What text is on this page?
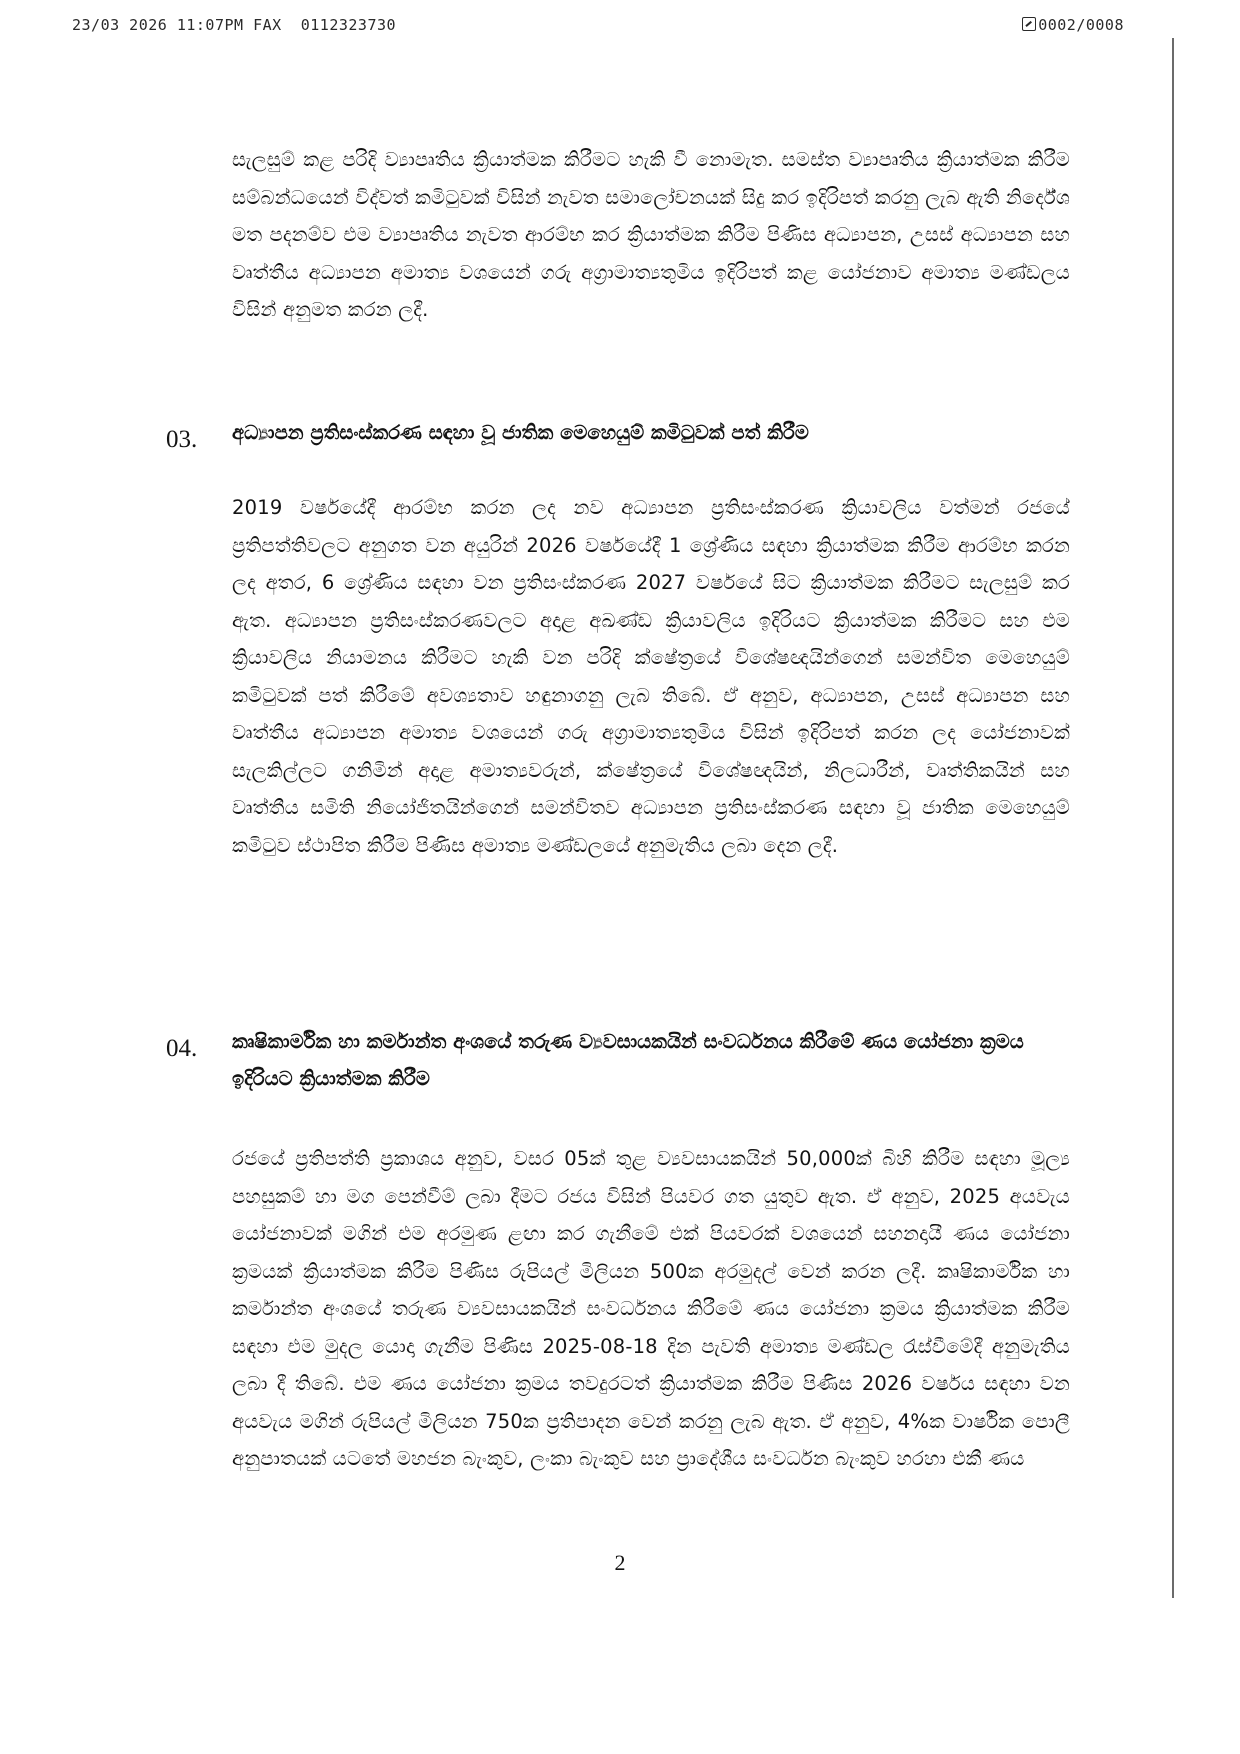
23/03 2026 11:07PM FAX  0112323730	0002/0008

සැලසුම් කළ පරිදි ව්‍යාපෘතිය ක්‍රියාත්මක කිරීමට හැකි වී නොමැත. සමස්ත ව්‍යාපෘතිය ක්‍රියාත්මක කිරීම සම්බන්ධයෙන් විද්වත් කමිටුවක් විසින් නැවත සමාලෝචනයක් සිදු කර ඉදිරිපත් කරනු ලැබ ඇති නිර්දේශ මත පදනම්ව එම ව්‍යාපෘතිය නැවත ආරම්භ කර ක්‍රියාත්මක කිරීම පිණිස අධ්‍යාපන, උසස් අධ්‍යාපන සහ වෘත්තීය අධ්‍යාපන අමාත්‍ය වශයෙන් ගරු අග්‍රාමාත්‍යතුමිය ඉදිරිපත් කළ යෝජනාව අමාත්‍ය මණ්ඩලය විසින් අනුමත කරන ලදී.

03. අධ්‍යාපන ප්‍රතිසංස්කරණ සඳහා වූ ජාතික මෙහෙයුම් කමිටුවක් පත් කිරීම

2019 වර්ෂයේදී ආරම්භ කරන ලද නව අධ්‍යාපන ප්‍රතිසංස්කරණ ක්‍රියාවලිය වත්මන් රජයේ ප්‍රතිපත්තිවලට අනුගත වන අයුරින් 2026 වර්ෂයේදී 1 ශ්‍රේණිය සඳහා ක්‍රියාත්මක කිරීම ආරම්භ කරන ලද අතර, 6 ශ්‍රේණිය සඳහා වන ප්‍රතිසංස්කරණ 2027 වර්ෂයේ සිට ක්‍රියාත්මක කිරීමට සැලසුම් කර ඇත. අධ්‍යාපන ප්‍රතිසංස්කරණවලට අදාළ අඛණ්ඩ ක්‍රියාවලිය ඉදිරියට ක්‍රියාත්මක කිරීමට සහ එම ක්‍රියාවලිය නියාමනය කිරීමට හැකි වන පරිදි ක්ෂේත්‍රයේ විශේෂඥයින්ගෙන් සමන්විත මෙහෙයුම් කමිටුවක් පත් කිරීමේ අවශ්‍යතාව හඳුනාගනු ලැබ තිබේ. ඒ අනුව, අධ්‍යාපන, උසස් අධ්‍යාපන සහ වෘත්තීය අධ්‍යාපන අමාත්‍ය වශයෙන් ගරු අග්‍රාමාත්‍යතුමිය විසින් ඉදිරිපත් කරන ලද යෝජනාවක් සැලකිල්ලට ගනිමින් අදාළ අමාත්‍යවරුන්, ක්ෂේත්‍රයේ විශේෂඥයින්, නිලධාරීන්, වෘත්තිකයින් සහ වෘත්තීය සමිති නියෝජිතයින්ගෙන් සමන්විතව අධ්‍යාපන ප්‍රතිසංස්කරණ සඳහා වූ ජාතික මෙහෙයුම් කමිටුව ස්ථාපිත කිරීම පිණිස අමාත්‍ය මණ්ඩලයේ අනුමැතිය ලබා දෙන ලදී.

04. කෘෂිකාර්මික හා කර්මාන්ත අංශයේ තරුණ ව්‍යවසායකයින් සංවර්ධනය කිරීමේ ණය යෝජනා ක්‍රමය ඉදිරියට ක්‍රියාත්මක කිරීම

රජයේ ප්‍රතිපත්ති ප්‍රකාශය අනුව, වසර 05ක් තුළ ව්‍යවසායකයින් 50,000ක් බිහි කිරීම සඳහා මූල්‍ය පහසුකම් හා මග පෙන්වීම් ලබා දීමට රජය විසින් පියවර ගත යුතුව ඇත. ඒ අනුව, 2025 අයවැය යෝජනාවක් මගින් එම අරමුණ ළඟා කර ගැනීමේ එක් පියවරක් වශයෙන් සහනදායී ණය යෝජනා ක්‍රමයක් ක්‍රියාත්මක කිරීම පිණිස රුපියල් මිලියන 500ක අරමුදල් වෙන් කරන ලදී. කෘෂිකාර්මික හා කර්මාන්ත අංශයේ තරුණ ව්‍යවසායකයින් සංවර්ධනය කිරීමේ ණය යෝජනා ක්‍රමය ක්‍රියාත්මක කිරීම සඳහා එම මුදල යොදා ගැනීම පිණිස 2025-08-18 දින පැවති අමාත්‍ය මණ්ඩල රැස්වීමේදී අනුමැතිය ලබා දී තිබේ. එම ණය යෝජනා ක්‍රමය තවදුරටත් ක්‍රියාත්මක කිරීම පිණිස 2026 වර්ෂය සඳහා වන අයවැය මගින් රුපියල් මිලියන 750ක ප්‍රතිපාදන වෙන් කරනු ලැබ ඇත. ඒ අනුව, 4%ක වාර්ෂික පොලී අනුපාතයක් යටතේ මහජන බැංකුව, ලංකා බැංකුව සහ ප්‍රාදේශීය සංවර්ධන බැංකුව හරහා එකී ණය

2
